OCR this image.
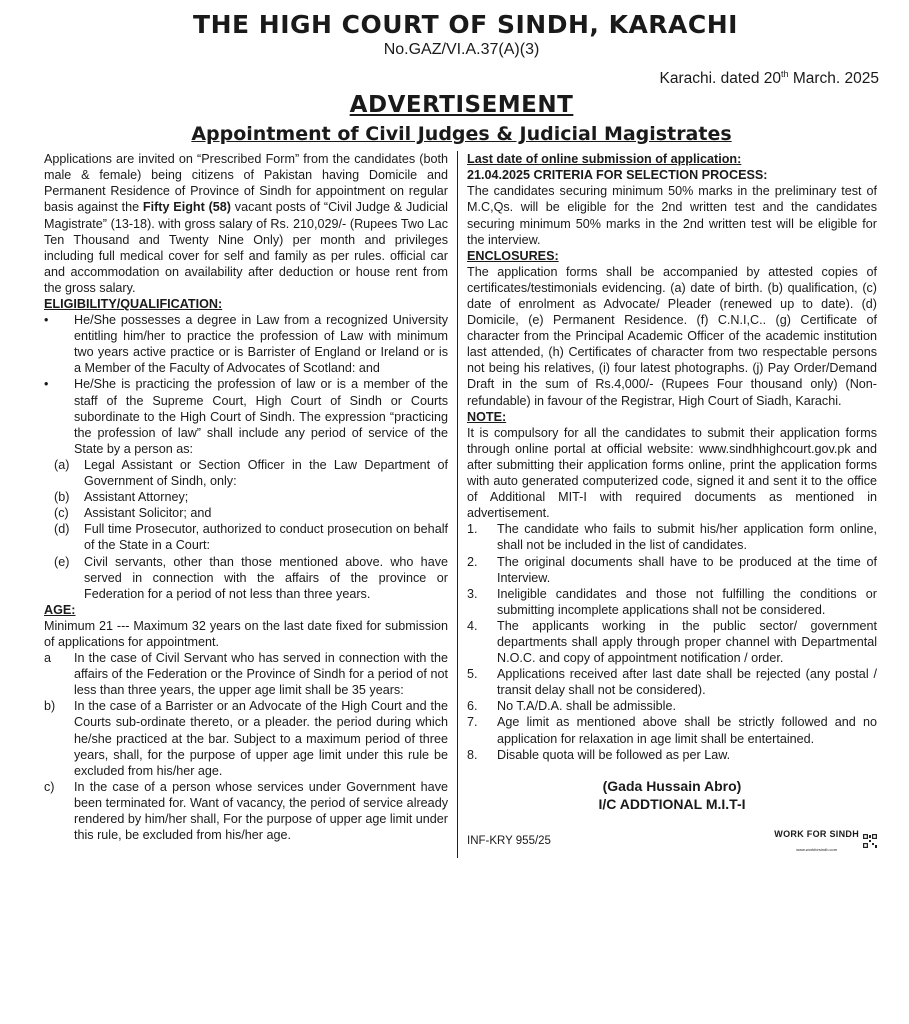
THE HIGH COURT OF SINDH, KARACHI
No.GAZ/VI.A.37(A)(3)
Karachi. dated 20th March. 2025
ADVERTISEMENT
Appointment of Civil Judges & Judicial Magistrates

Applications are invited on “Prescribed Form” from the candidates (both male & female) being citizens of Pakistan having Domicile and Permanent Residence of Province of Sindh for appointment on regular basis against the Fifty Eight (58) vacant posts of “Civil Judge & Judicial Magistrate” (13-18). with gross salary of Rs. 210,029/- (Rupees Two Lac Ten Thousand and Twenty Nine Only) per month and privileges including full medical cover for self and family as per rules. official car and accommodation on availability after deduction or house rent from the gross salary.

ELIGIBILITY/QUALIFICATION:

•	He/She possesses a degree in Law from a recognized University entitling him/her to practice the profession of Law with minimum two years active practice or is Barrister of England or Ireland or is a Member of the Faculty of Advocates of Scotland: and
•	He/She is practicing the profession of law or is a member of the staff of the Supreme Court, High Court of Sindh or Courts subordinate to the High Court of Sindh. The expression “practicing the profession of law” shall include any period of service of the State by a person as:
(a)	Legal Assistant or Section Officer in the Law Department of Government of Sindh, only:
(b)	Assistant Attorney;
(c)	Assistant Solicitor; and
(d)	Full time Prosecutor, authorized to conduct prosecution on behalf of the State in a Court:
(e)	Civil servants, other than those mentioned above. who have served in connection with the affairs of the province or Federation for a period of not less than three years.

AGE:

Minimum 21 --- Maximum 32 years on the last date fixed for submission of applications for appointment.

a	In the case of Civil Servant who has served in connection with the affairs of the Federation or the Province of Sindh for a period of not less than three years, the upper age limit shall be 35 years:
b)	In the case of a Barrister or an Advocate of the High Court and the Courts sub-ordinate thereto, or a pleader. the period during which he/she practiced at the bar. Subject to a maximum period of three years, shall, for the purpose of upper age limit under this rule be excluded from his/her age.
c)	In the case of a person whose services under Government have been terminated for. Want of vacancy, the period of service already rendered by him/her shall, For the purpose of upper age limit under this rule, be excluded from his/her age.

Last date of online submission of application:

21.04.2025 CRITERIA FOR SELECTION PROCESS:

The candidates securing minimum 50% marks in the preliminary test of M.C,Qs. will be eligible for the 2nd written test and the candidates securing minimum 50% marks in the 2nd written test will be eligible for the interview.

ENCLOSURES:

The application forms shall be accompanied by attested copies of certificates/testimonials evidencing. (a) date of birth. (b) qualification, (c) date of enrolment as Advocate/ Pleader (renewed up to date). (d) Domicile, (e) Permanent Residence. (f) C.N.I,C.. (g) Certificate of character from the Principal Academic Officer of the academic institution last attended, (h) Certificates of character from two respectable persons not being his relatives, (i) four latest photographs. (j) Pay Order/Demand Draft in the sum of Rs.4,000/- (Rupees Four thousand only) (Non-refundable) in favour of the Registrar, High Court of Siadh, Karachi.

NOTE:

It is compulsory for all the candidates to submit their application forms through online portal at official website: www.sindhhighcourt.gov.pk and after submitting their application forms online, print the application forms with auto generated computerized code, signed it and sent it to the office of Additional MIT-I with required documents as mentioned in advertisement.

1.	The candidate who fails to submit his/her application form online, shall not be included in the list of candidates.
2.	The original documents shall have to be produced at the time of Interview.
3.	Ineligible candidates and those not fulfilling the conditions or submitting incomplete applications shall not be considered.
4.	The applicants working in the public sector/ government departments shall apply through proper channel with Departmental N.O.C. and copy of appointment notification / order.
5.	Applications received after last date shall be rejected (any postal / transit delay shall not be considered).
6.	No T.A/D.A. shall be admissible.
7.	Age limit as mentioned above shall be strictly followed and no application for relaxation in age limit shall be entertained.
8.	Disable quota will be followed as per Law.
(Gada Hussain Abro)
I/C ADDTIONAL M.I.T-I
INF-KRY 955/25
WORK FOR SINDH
www.workforsindh.com
